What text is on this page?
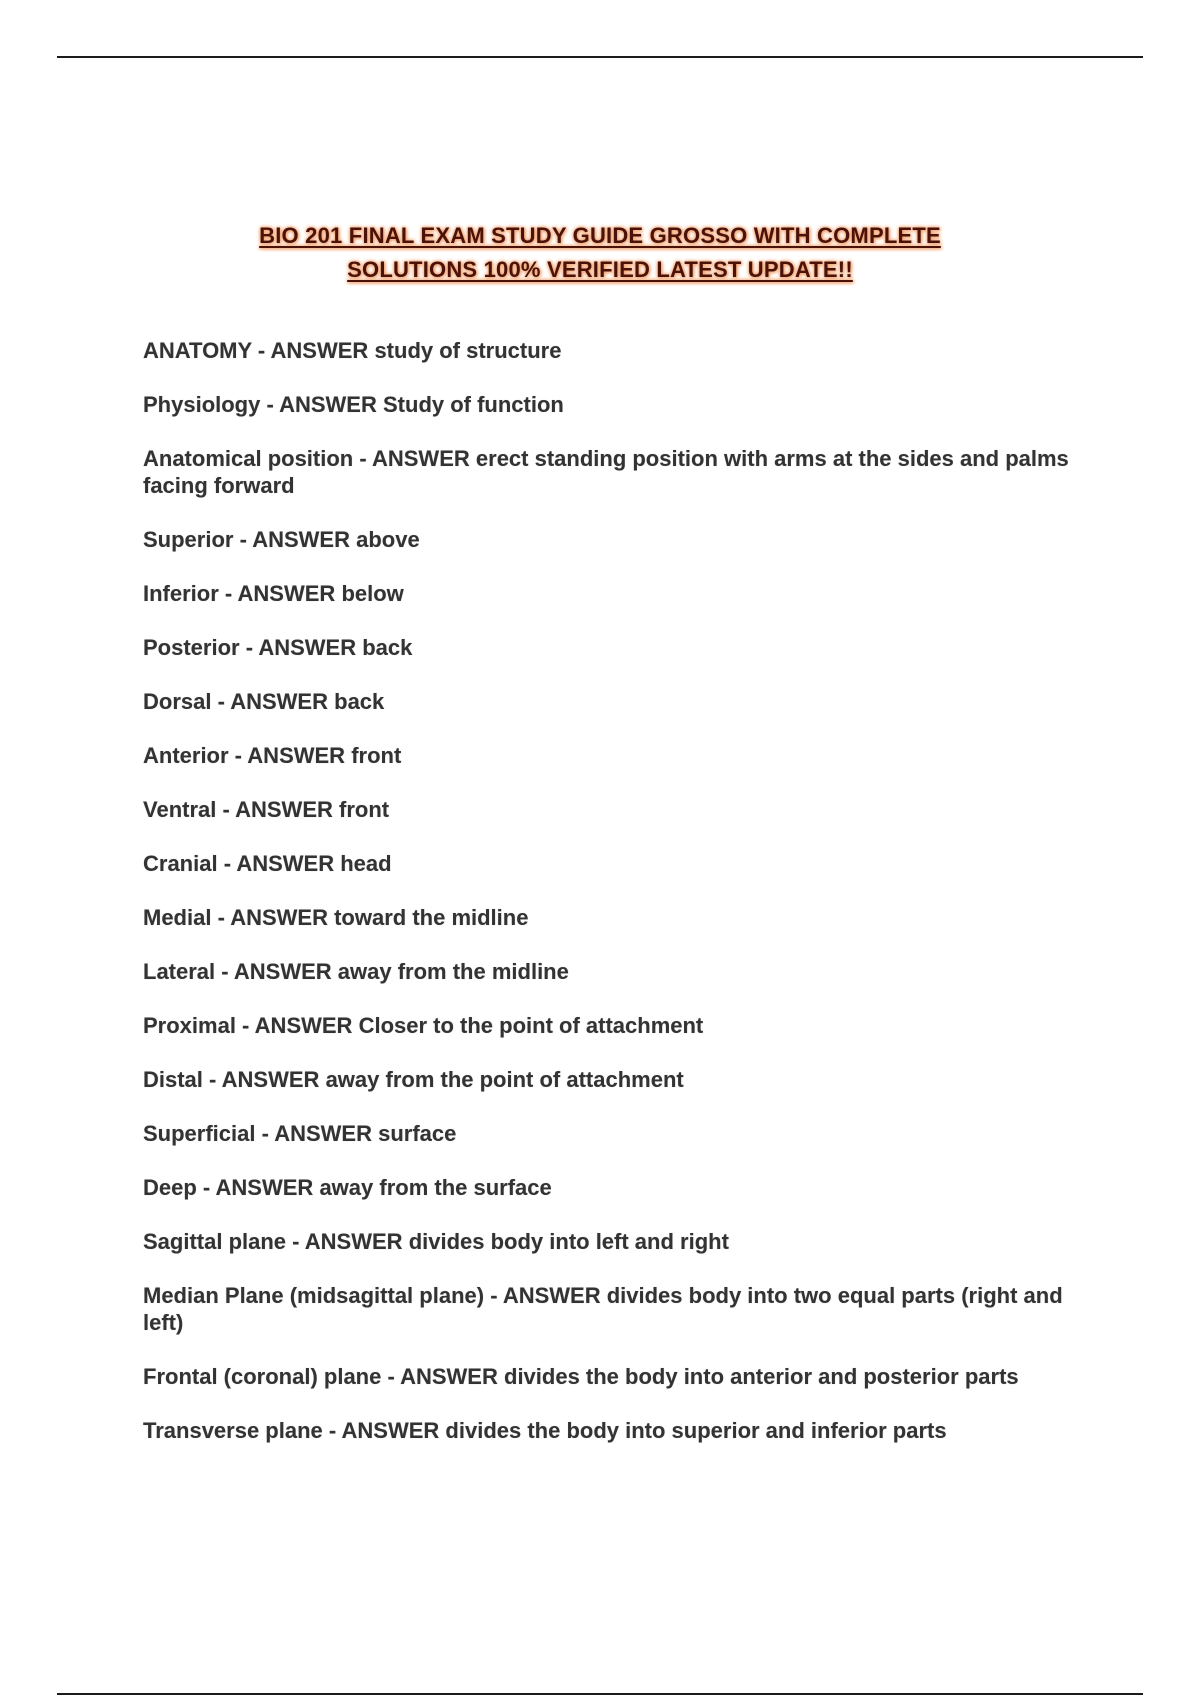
BIO 201 FINAL EXAM STUDY GUIDE GROSSO WITH COMPLETE
SOLUTIONS 100% VERIFIED LATEST UPDATE!!
ANATOMY - ANSWER study of structure
Physiology - ANSWER Study of function
Anatomical position - ANSWER erect standing position with arms at the sides and palms facing forward
Superior - ANSWER above
Inferior - ANSWER below
Posterior - ANSWER back
Dorsal - ANSWER back
Anterior - ANSWER front
Ventral - ANSWER front
Cranial - ANSWER head
Medial - ANSWER toward the midline
Lateral - ANSWER away from the midline
Proximal - ANSWER Closer to the point of attachment
Distal - ANSWER away from the point of attachment
Superficial - ANSWER surface
Deep - ANSWER away from the surface
Sagittal plane - ANSWER divides body into left and right
Median Plane (midsagittal plane) - ANSWER divides body into two equal parts (right and left)
Frontal (coronal) plane - ANSWER divides the body into anterior and posterior parts
Transverse plane - ANSWER divides the body into superior and inferior parts
